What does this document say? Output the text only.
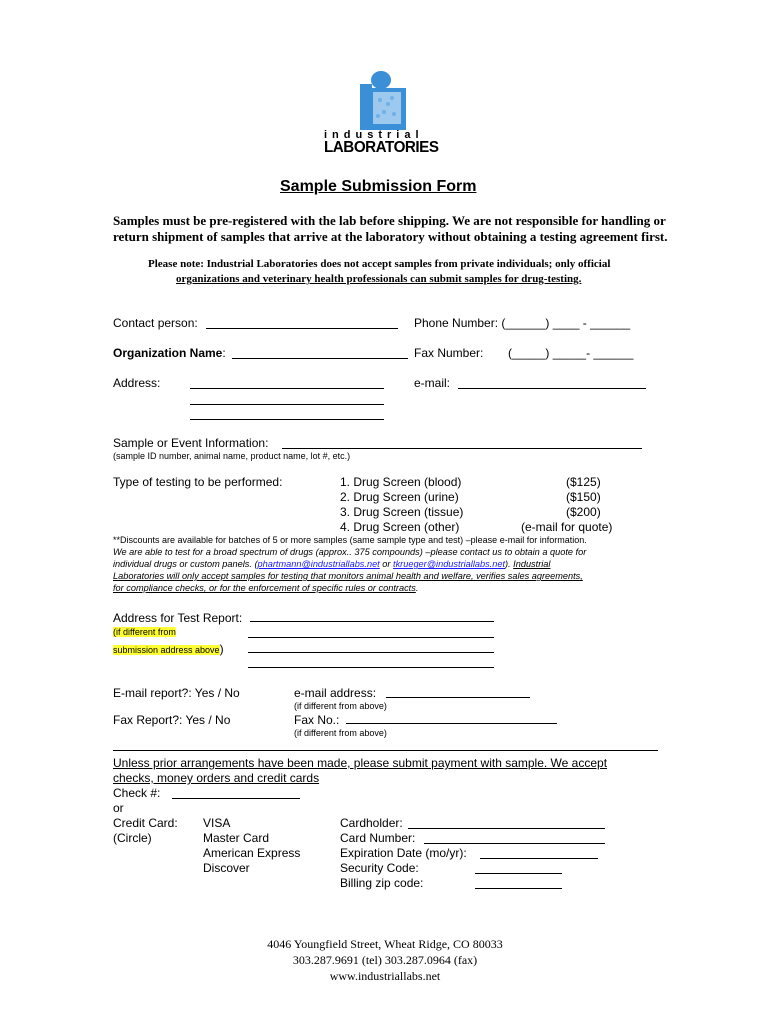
industrial
LABORATORIES
Sample Submission Form
Samples must be pre-registered with the lab before shipping. We are not responsible for handling or
return shipment of samples that arrive at the laboratory without obtaining a testing agreement first.
Please note: Industrial Laboratories does not accept samples from private individuals; only official
organizations and veterinary health professionals can submit samples for drug-testing.
Contact person:	Phone Number: (______) ____ - ______
Organization Name:	Fax Number: (_____) _____- ______
Address:	e-mail:
Sample or Event Information:
(sample ID number, animal name, product name, lot #, etc.)
Type of testing to be performed:	1. Drug Screen (blood)	($125)
2. Drug Screen (urine)	($150)
3. Drug Screen (tissue)	($200)
4. Drug Screen (other)	(e-mail for quote)
**Discounts are available for batches of 5 or more samples (same sample type and test) –please e-mail for information.
We are able to test for a broad spectrum of drugs (approx.. 375 compounds) –please contact us to obtain a quote for
individual drugs or custom panels. (phartmann@industriallabs.net or tkrueger@industriallabs.net). Industrial
Laboratories will only accept samples for testing that monitors animal health and welfare, verifies sales agreements,
for compliance checks, or for the enforcement of specific rules or contracts.
Address for Test Report:
(if different from
submission address above)
E-mail report?: Yes / No	e-mail address:
(if different from above)
Fax Report?: Yes / No	Fax No.:
(if different from above)
Unless prior arrangements have been made, please submit payment with sample. We accept
checks, money orders and credit cards
Check #:
or
Credit Card:
(Circle)
VISA
Master Card
American Express
Discover
Cardholder:
Card Number:
Expiration Date (mo/yr):
Security Code:
Billing zip code:
4046 Youngfield Street, Wheat Ridge, CO 80033
303.287.9691 (tel) 303.287.0964 (fax)
www.industriallabs.net
